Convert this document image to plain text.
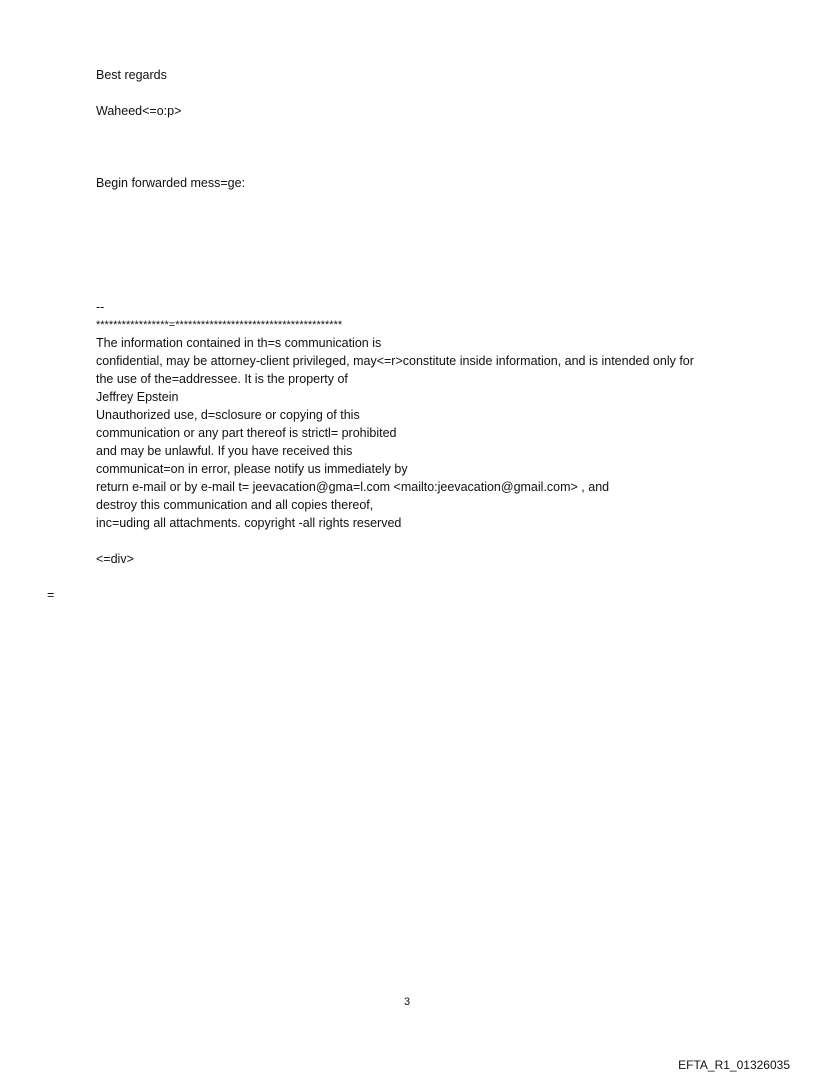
Best regards
Waheed<=o:p>
Begin forwarded mess=ge:
--
*****************=***************************************
The information contained in th=s communication is
confidential, may be attorney-client privileged, may<=r>constitute inside information, and is intended only for
the use of the=addressee. It is the property of
Jeffrey Epstein
Unauthorized use, d=sclosure or copying of this
communication or any part thereof is strictl= prohibited
and may be unlawful. If you have received this
communicat=on in error, please notify us immediately by
return e-mail or by e-mail t= jeevacation@gma=l.com <mailto:jeevacation@gmail.com> , and
destroy this communication and all copies thereof,
inc=uding all attachments. copyright -all rights reserved
<=div>
=
3
EFTA_R1_01326035
